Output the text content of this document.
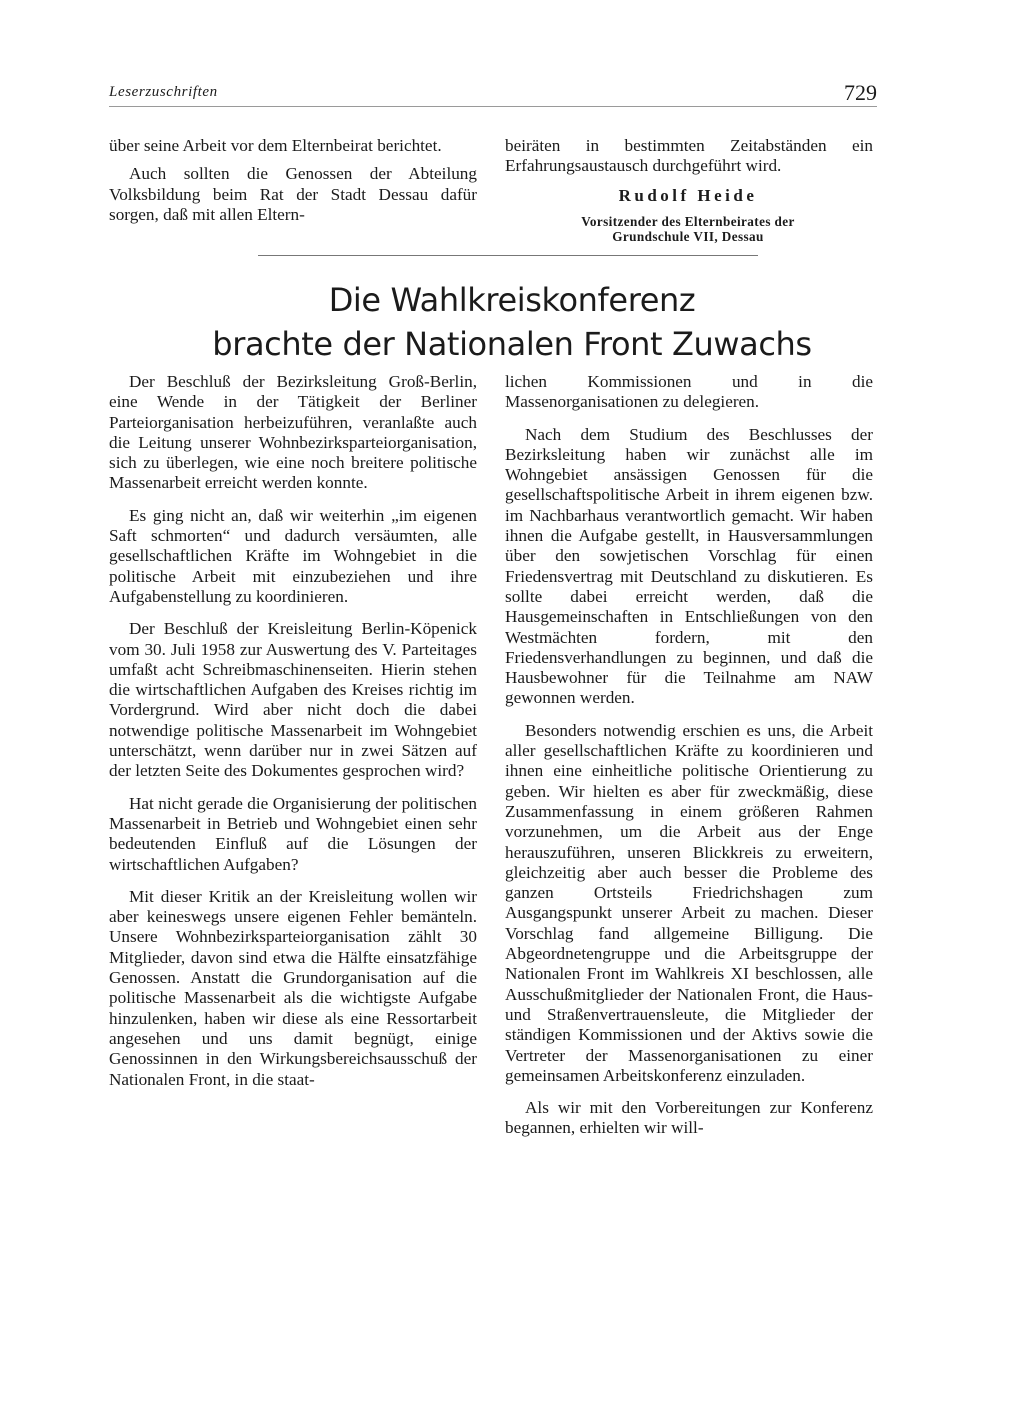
Leserzuschriften	729

über seine Arbeit vor dem Elternbeirat berichtet.

Auch sollten die Genossen der Abteilung Volksbildung beim Rat der Stadt Dessau dafür sorgen, daß mit allen Eltern-

beiräten in bestimmten Zeitabständen ein Erfahrungsaustausch durchgeführt wird.

Rudolf Heide
Vorsitzender des Elternbeirates der
Grundschule VII, Dessau
Die Wahlkreiskonferenz
brachte der Nationalen Front Zuwachs

Der Beschluß der Bezirksleitung Groß-Berlin, eine Wende in der Tätigkeit der Berliner Parteiorganisation herbeizuführen, veranlaßte auch die Leitung unserer Wohnbezirksparteiorganisation, sich zu überlegen, wie eine noch breitere politische Massenarbeit erreicht werden konnte.

Es ging nicht an, daß wir weiterhin „im eigenen Saft schmorten“ und dadurch versäumten, alle gesellschaftlichen Kräfte im Wohngebiet in die politische Arbeit mit einzubeziehen und ihre Aufgabenstellung zu koordinieren.

Der Beschluß der Kreisleitung Berlin-Köpenick vom 30. Juli 1958 zur Auswertung des V. Parteitages umfaßt acht Schreibmaschinenseiten. Hierin stehen die wirtschaftlichen Aufgaben des Kreises richtig im Vordergrund. Wird aber nicht doch die dabei notwendige politische Massenarbeit im Wohngebiet unterschätzt, wenn darüber nur in zwei Sätzen auf der letzten Seite des Dokumentes gesprochen wird?

Hat nicht gerade die Organisierung der politischen Massenarbeit in Betrieb und Wohngebiet einen sehr bedeutenden Einfluß auf die Lösungen der wirtschaftlichen Aufgaben?

Mit dieser Kritik an der Kreisleitung wollen wir aber keineswegs unsere eigenen Fehler bemänteln. Unsere Wohnbezirksparteiorganisation zählt 30 Mitglieder, davon sind etwa die Hälfte einsatzfähige Genossen. Anstatt die Grundorganisation auf die politische Massenarbeit als die wichtigste Aufgabe hinzulenken, haben wir diese als eine Ressortarbeit angesehen und uns damit begnügt, einige Genossinnen in den Wirkungsbereichsausschuß der Nationalen Front, in die staat-

lichen Kommissionen und in die Massenorganisationen zu delegieren.

Nach dem Studium des Beschlusses der Bezirksleitung haben wir zunächst alle im Wohngebiet ansässigen Genossen für die gesellschaftspolitische Arbeit in ihrem eigenen bzw. im Nachbarhaus verantwortlich gemacht. Wir haben ihnen die Aufgabe gestellt, in Hausversammlungen über den sowjetischen Vorschlag für einen Friedensvertrag mit Deutschland zu diskutieren. Es sollte dabei erreicht werden, daß die Hausgemeinschaften in Entschließungen von den Westmächten fordern, mit den Friedensverhandlungen zu beginnen, und daß die Hausbewohner für die Teilnahme am NAW gewonnen werden.

Besonders notwendig erschien es uns, die Arbeit aller gesellschaftlichen Kräfte zu koordinieren und ihnen eine einheitliche politische Orientierung zu geben. Wir hielten es aber für zweckmäßig, diese Zusammenfassung in einem größeren Rahmen vorzunehmen, um die Arbeit aus der Enge herauszuführen, unseren Blickkreis zu erweitern, gleichzeitig aber auch besser die Probleme des ganzen Ortsteils Friedrichshagen zum Ausgangspunkt unserer Arbeit zu machen. Dieser Vorschlag fand allgemeine Billigung. Die Abgeordnetengruppe und die Arbeitsgruppe der Nationalen Front im Wahlkreis XI beschlossen, alle Ausschußmitglieder der Nationalen Front, die Haus- und Straßenvertrauensleute, die Mitglieder der ständigen Kommissionen und der Aktivs sowie die Vertreter der Massenorganisationen zu einer gemeinsamen Arbeitskonferenz einzuladen.

Als wir mit den Vorbereitungen zur Konferenz begannen, erhielten wir will-
